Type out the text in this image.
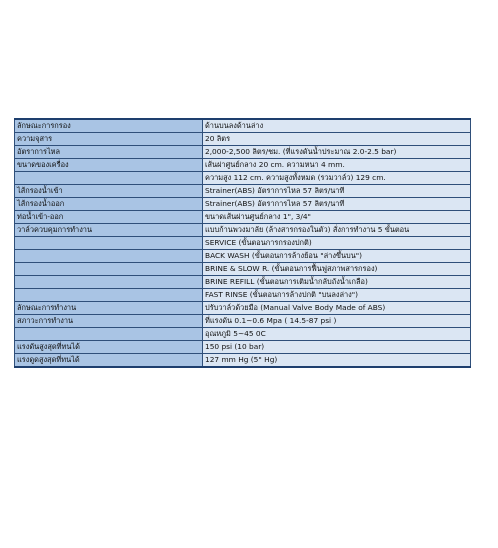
ลักษณะการกรอง	ด้านบนลงด้านล่าง
ความจุสาร	20 ลิตร
อัตราการไหล	2,000-2,500 ลิตร/ชม. (ที่แรงดันน้ำประมาณ 2.0-2.5 bar)
ขนาดของเครื่อง	เส้นผ่าศูนย์กลาง 20 cm. ความหนา 4 mm.
	ความสูง 112 cm. ความสูงทั้งหมด (รวมวาล์ว) 129 cm.
ไส้กรองน้ำเข้า	Strainer(ABS) อัตราการไหล 57 ลิตร/นาที
ไส้กรองน้ำออก	Strainer(ABS) อัตราการไหล 57 ลิตร/นาที
ท่อน้ำเข้า-ออก	ขนาดเส้นผ่านศูนย์กลาง 1", 3/4"
วาล์วควบคุมการทำงาน	แบบก้านพวงมาลัย (ล้างสารกรองในตัว) สั่งการทำงาน 5 ขั้นตอน
	SERVICE (ขั้นตอนการกรองปกติ)
	BACK WASH (ขั้นตอนการล้างย้อน "ล่างขึ้นบน")
	BRINE & SLOW R. (ขั้นตอนการฟื้นฟูสภาพสารกรอง)
	BRINE REFILL (ขั้นตอนการเติมน้ำกลับถังน้ำเกลือ)
	FAST RINSE (ขั้นตอนการล้างปกติ "บนลงล่าง")
ลักษณะการทำงาน	ปรับวาล์วด้วยมือ (Manual Valve Body Made of ABS)
สภาวะการทำงาน	ที่แรงดัน 0.1~0.6 Mpa ( 14.5-87 psi )
	อุณหภูมิ 5~45 0C
แรงดันสูงสุดที่ทนได้	150 psi (10 bar)
แรงดูดสูงสุดที่ทนได้	127 mm Hg (5" Hg)
